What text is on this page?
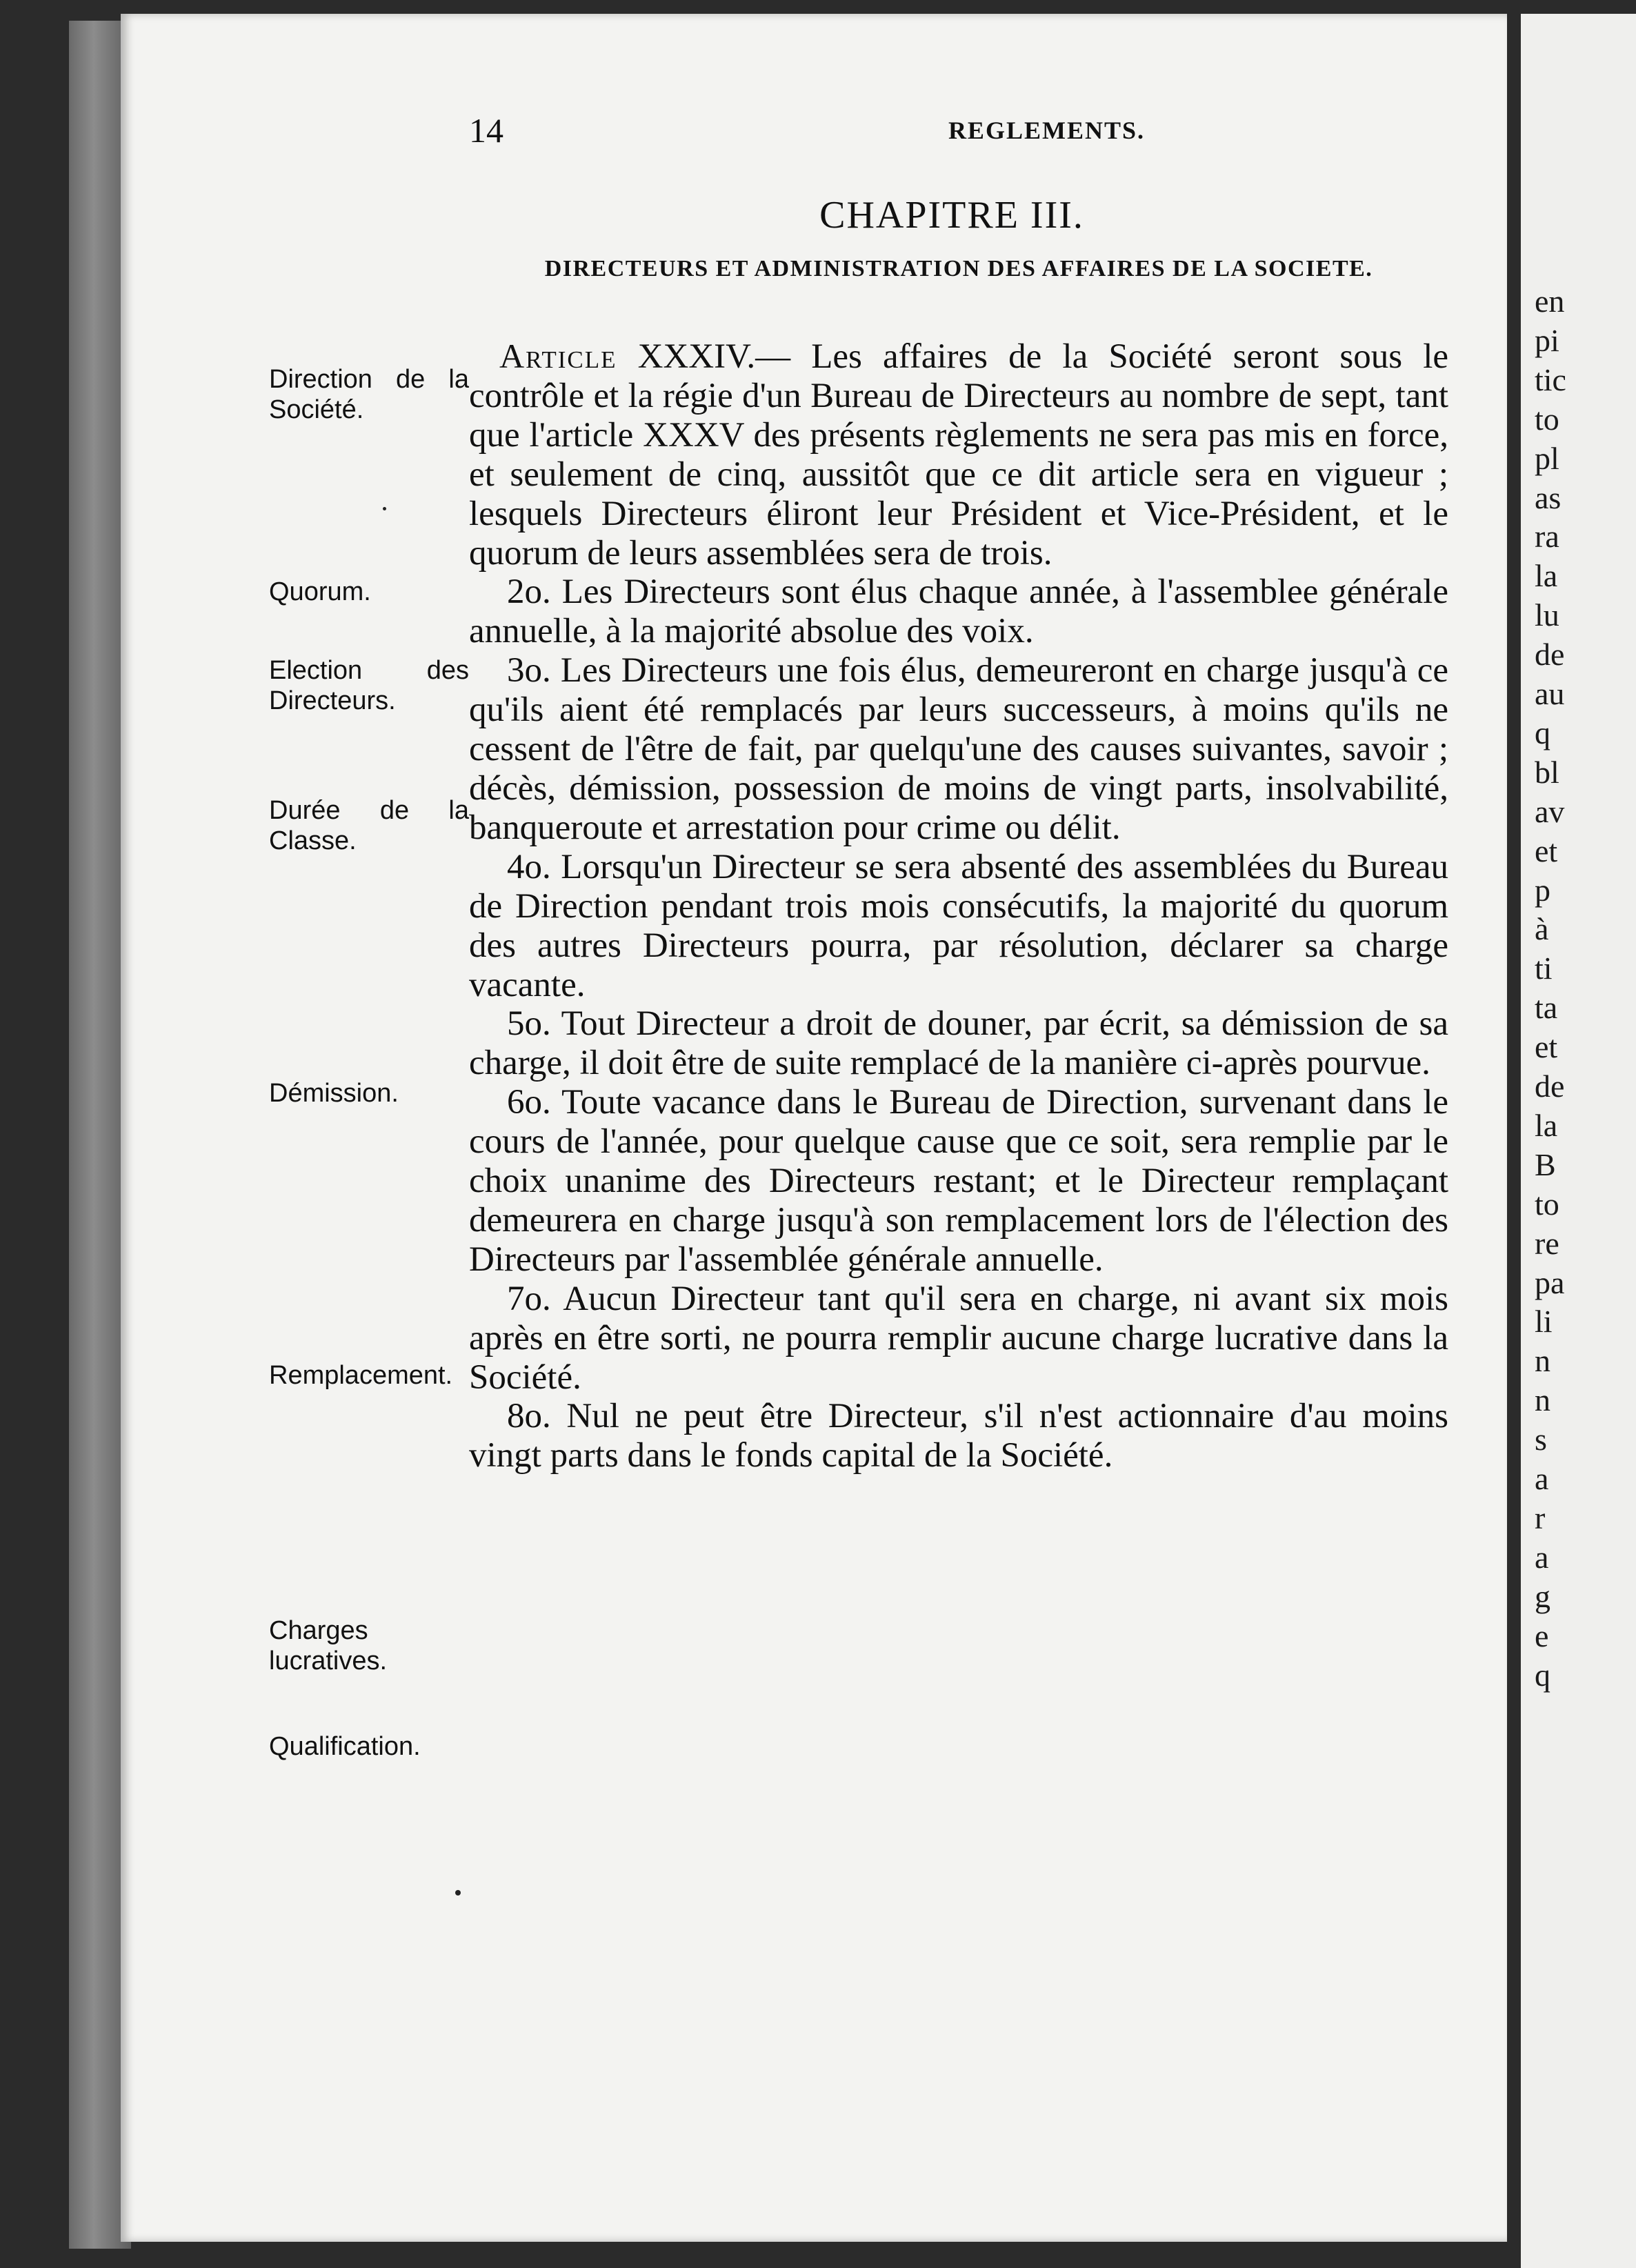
14	REGLEMENTS.
CHAPITRE III.
DIRECTEURS ET ADMINISTRATION DES AFFAIRES DE LA SOCIETE.
Direction de la Société.
Quorum.
Election des Directeurs.
Durée de la Classe.
Démission.
Remplacement.
Charges lucratives.
Qualification.

Article XXXIV.— Les affaires de la Société seront sous le contrôle et la régie d'un Bureau de Directeurs au nombre de sept, tant que l'article XXXV des présents règlements ne sera pas mis en force, et seulement de cinq, aussitôt que ce dit article sera en vigueur ; lesquels Directeurs éliront leur Président et Vice-Président, et le quorum de leurs assemblées sera de trois.

2o. Les Directeurs sont élus chaque année, à l'assemblee générale annuelle, à la majorité absolue des voix.

3o. Les Directeurs une fois élus, demeureront en charge jusqu'à ce qu'ils aient été remplacés par leurs successeurs, à moins qu'ils ne cessent de l'être de fait, par quelqu'une des causes suivantes, savoir ; décès, démission, possession de moins de vingt parts, insolvabilité, banqueroute et arrestation pour crime ou délit.

4o. Lorsqu'un Directeur se sera absenté des assemblées du Bureau de Direction pendant trois mois consécutifs, la majorité du quorum des autres Directeurs pourra, par résolution, déclarer sa charge vacante.

5o. Tout Directeur a droit de douner, par écrit, sa démission de sa charge, il doit être de suite remplacé de la manière ci-après pourvue.

6o. Toute vacance dans le Bureau de Direction, survenant dans le cours de l'année, pour quelque cause que ce soit, sera remplie par le choix unanime des Directeurs restant; et le Directeur remplaçant demeurera en charge jusqu'à son remplacement lors de l'élection des Directeurs par l'assemblée générale annuelle.

7o. Aucun Directeur tant qu'il sera en charge, ni avant six mois après en être sorti, ne pourra remplir aucune charge lucrative dans la Société.

8o. Nul ne peut être Directeur, s'il n'est actionnaire d'au moins vingt parts dans le fonds capital de la Société.

en
pi
tic
to
pl
as
ra
la
lu
de
au
q
bl
av
et
p
à
ti
ta
et
de
la
B
to
re
pa
li
n
n
s
a
r
a
g
e
q
